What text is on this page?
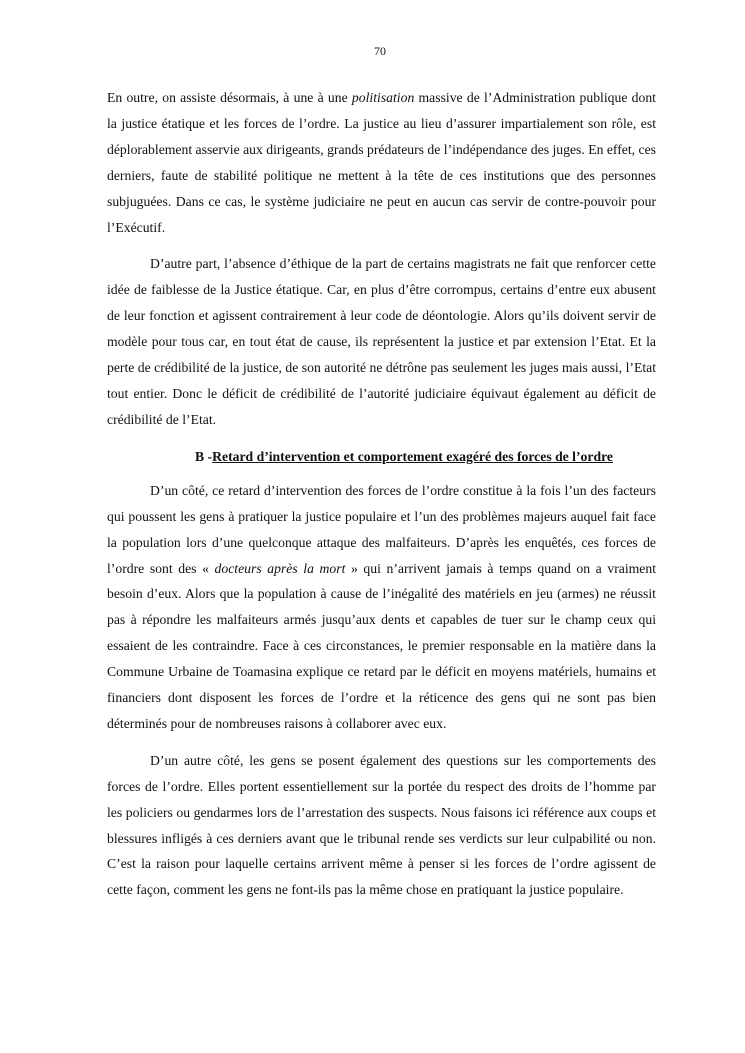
70

En outre, on assiste désormais, à une à une politisation massive de l’Administration publique dont la justice étatique et les forces de l’ordre. La justice au lieu d’assurer impartialement son rôle, est déplorablement asservie aux dirigeants, grands prédateurs de l’indépendance des juges. En effet, ces derniers, faute de stabilité politique ne mettent à la tête de ces institutions que des personnes subjuguées. Dans ce cas, le système judiciaire ne peut en aucun cas servir de contre-pouvoir pour l’Exécutif.

D’autre part, l’absence d’éthique de la part de certains magistrats ne fait que renforcer cette idée de faiblesse de la Justice étatique. Car, en plus d’être corrompus, certains d’entre eux abusent de leur fonction et agissent contrairement à leur code de déontologie. Alors qu’ils doivent servir de modèle pour tous car, en tout état de cause, ils représentent la justice et par extension l’Etat. Et la perte de crédibilité de la justice, de son autorité ne détrône pas seulement les juges mais aussi, l’Etat tout entier. Donc le déficit de crédibilité de l’autorité judiciaire équivaut également au déficit de crédibilité de l’Etat.

B -Retard d’intervention et comportement exagéré des forces de l’ordre

D’un côté, ce retard d’intervention des forces de l’ordre constitue à la fois l’un des facteurs qui poussent les gens à pratiquer la justice populaire et l’un des problèmes majeurs auquel fait face la population lors d’une quelconque attaque des malfaiteurs. D’après les enquêtés, ces forces de l’ordre sont des « docteurs après la mort » qui n’arrivent jamais à temps quand on a vraiment besoin d’eux. Alors que la population à cause de l’inégalité des matériels en jeu (armes) ne réussit pas à répondre les malfaiteurs armés jusqu’aux dents et capables de tuer sur le champ ceux qui essaient de les contraindre. Face à ces circonstances, le premier responsable en la matière dans la Commune Urbaine de Toamasina explique ce retard par le déficit en moyens matériels, humains et financiers dont disposent les forces de l’ordre et la réticence des gens qui ne sont pas bien déterminés pour de nombreuses raisons à collaborer avec eux.

D’un autre côté, les gens se posent également des questions sur les comportements des forces de l’ordre. Elles portent essentiellement sur la portée du respect des droits de l’homme par les policiers ou gendarmes lors de l’arrestation des suspects. Nous faisons ici référence aux coups et blessures infligés à ces derniers avant que le tribunal rende ses verdicts sur leur culpabilité ou non. C’est la raison pour laquelle certains arrivent même à penser si les forces de l’ordre agissent de cette façon, comment les gens ne font-ils pas la même chose en pratiquant la justice populaire.
